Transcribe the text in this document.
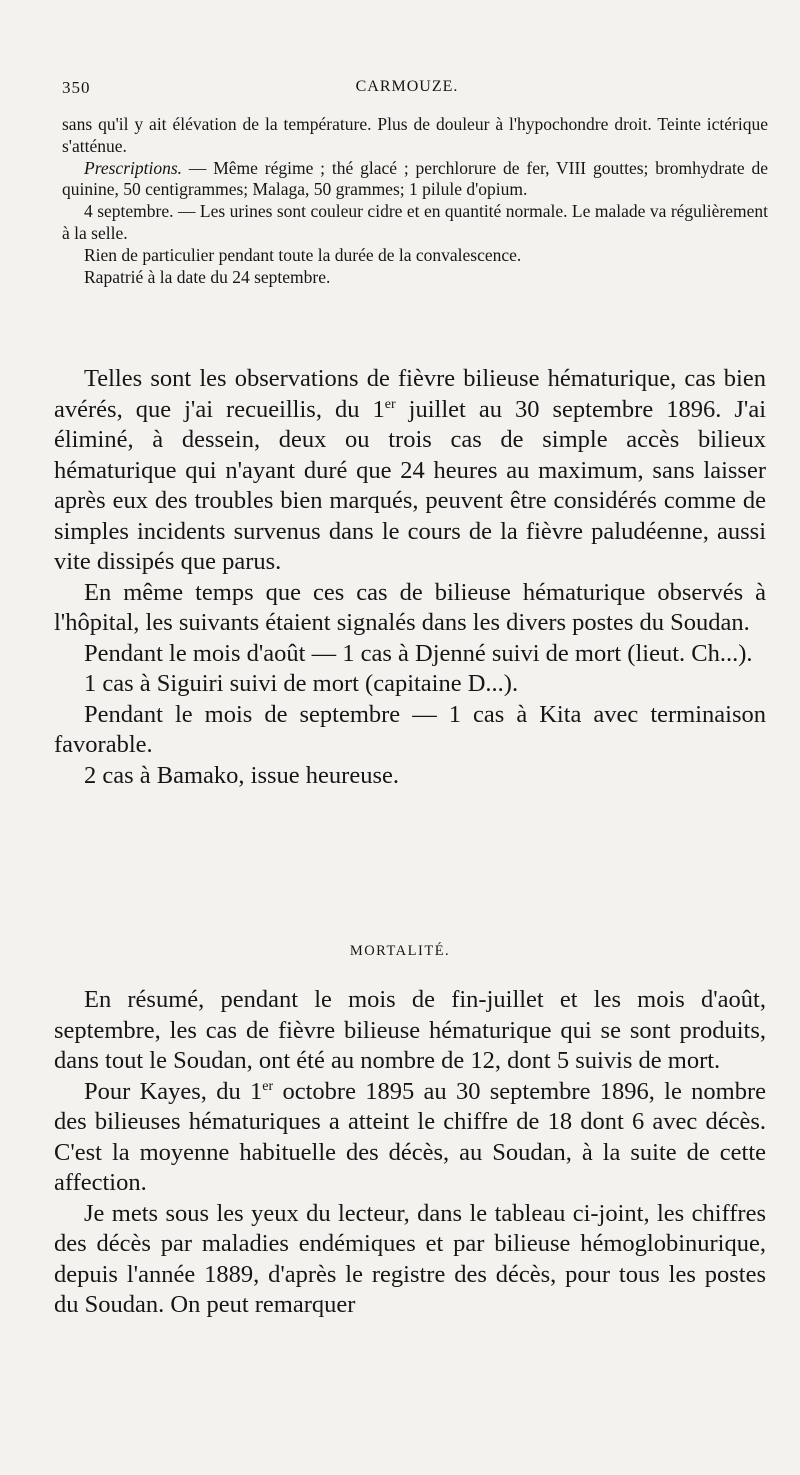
350	CARMOUZE.

sans qu'il y ait élévation de la température. Plus de douleur à l'hypochondre droit. Teinte ictérique s'atténue.

Prescriptions. — Même régime ; thé glacé ; perchlorure de fer, VIII gouttes; bromhydrate de quinine, 50 centigrammes; Malaga, 50 grammes; 1 pilule d'opium.

4 septembre. — Les urines sont couleur cidre et en quantité normale. Le malade va régulièrement à la selle.

Rien de particulier pendant toute la durée de la convalescence.

Rapatrié à la date du 24 septembre.

Telles sont les observations de fièvre bilieuse hématurique, cas bien avérés, que j'ai recueillis, du 1er juillet au 30 septembre 1896. J'ai éliminé, à dessein, deux ou trois cas de simple accès bilieux hématurique qui n'ayant duré que 24 heures au maximum, sans laisser après eux des troubles bien marqués, peuvent être considérés comme de simples incidents survenus dans le cours de la fièvre paludéenne, aussi vite dissipés que parus.

En même temps que ces cas de bilieuse hématurique observés à l'hôpital, les suivants étaient signalés dans les divers postes du Soudan.

Pendant le mois d'août — 1 cas à Djenné suivi de mort (lieut. Ch...).

1 cas à Siguiri suivi de mort (capitaine D...).

Pendant le mois de septembre — 1 cas à Kita avec terminaison favorable.

2 cas à Bamako, issue heureuse.

MORTALITÉ.

En résumé, pendant le mois de fin-juillet et les mois d'août, septembre, les cas de fièvre bilieuse hématurique qui se sont produits, dans tout le Soudan, ont été au nombre de 12, dont 5 suivis de mort.

Pour Kayes, du 1er octobre 1895 au 30 septembre 1896, le nombre des bilieuses hématuriques a atteint le chiffre de 18 dont 6 avec décès. C'est la moyenne habituelle des décès, au Soudan, à la suite de cette affection.

Je mets sous les yeux du lecteur, dans le tableau ci-joint, les chiffres des décès par maladies endémiques et par bilieuse hémoglobinurique, depuis l'année 1889, d'après le registre des décès, pour tous les postes du Soudan. On peut remarquer
